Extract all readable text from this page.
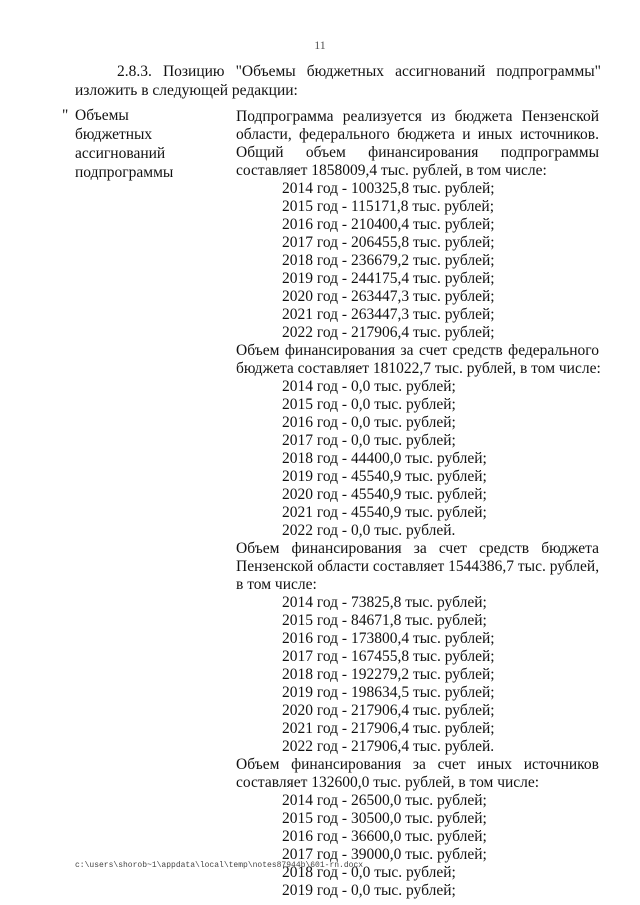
11
2.8.3. Позицию "Объемы бюджетных ассигнований подпрограммы"
изложить в следующей редакции:
" Объемы
бюджетных
ассигнований
подпрограммы
Подпрограмма реализуется из бюджета Пензенской
области, федерального бюджета и иных источников.
Общий объем финансирования подпрограммы
составляет 1858009,4 тыс. рублей, в том числе:
2014 год - 100325,8 тыс. рублей;
2015 год - 115171,8 тыс. рублей;
2016 год - 210400,4 тыс. рублей;
2017 год - 206455,8 тыс. рублей;
2018 год - 236679,2 тыс. рублей;
2019 год - 244175,4 тыс. рублей;
2020 год - 263447,3 тыс. рублей;
2021 год - 263447,3 тыс. рублей;
2022 год - 217906,4 тыс. рублей;
Объем финансирования за счет средств федерального
бюджета составляет 181022,7 тыс. рублей, в том числе:
2014 год - 0,0 тыс. рублей;
2015 год - 0,0 тыс. рублей;
2016 год - 0,0 тыс. рублей;
2017 год - 0,0 тыс. рублей;
2018 год - 44400,0 тыс. рублей;
2019 год - 45540,9 тыс. рублей;
2020 год - 45540,9 тыс. рублей;
2021 год - 45540,9 тыс. рублей;
2022 год - 0,0 тыс. рублей.
Объем финансирования за счет средств бюджета
Пензенской области составляет 1544386,7 тыс. рублей,
в том числе:
2014 год - 73825,8 тыс. рублей;
2015 год - 84671,8 тыс. рублей;
2016 год - 173800,4 тыс. рублей;
2017 год - 167455,8 тыс. рублей;
2018 год - 192279,2 тыс. рублей;
2019 год - 198634,5 тыс. рублей;
2020 год - 217906,4 тыс. рублей;
2021 год - 217906,4 тыс. рублей;
2022 год - 217906,4 тыс. рублей.
Объем финансирования за счет иных источников
составляет 132600,0 тыс. рублей, в том числе:
2014 год - 26500,0 тыс. рублей;
2015 год - 30500,0 тыс. рублей;
2016 год - 36600,0 тыс. рублей;
2017 год - 39000,0 тыс. рублей;
2018 год - 0,0 тыс. рублей;
2019 год - 0,0 тыс. рублей;
c:\users\shorob~1\appdata\local\temp\notes87944b\601-rn.docx
